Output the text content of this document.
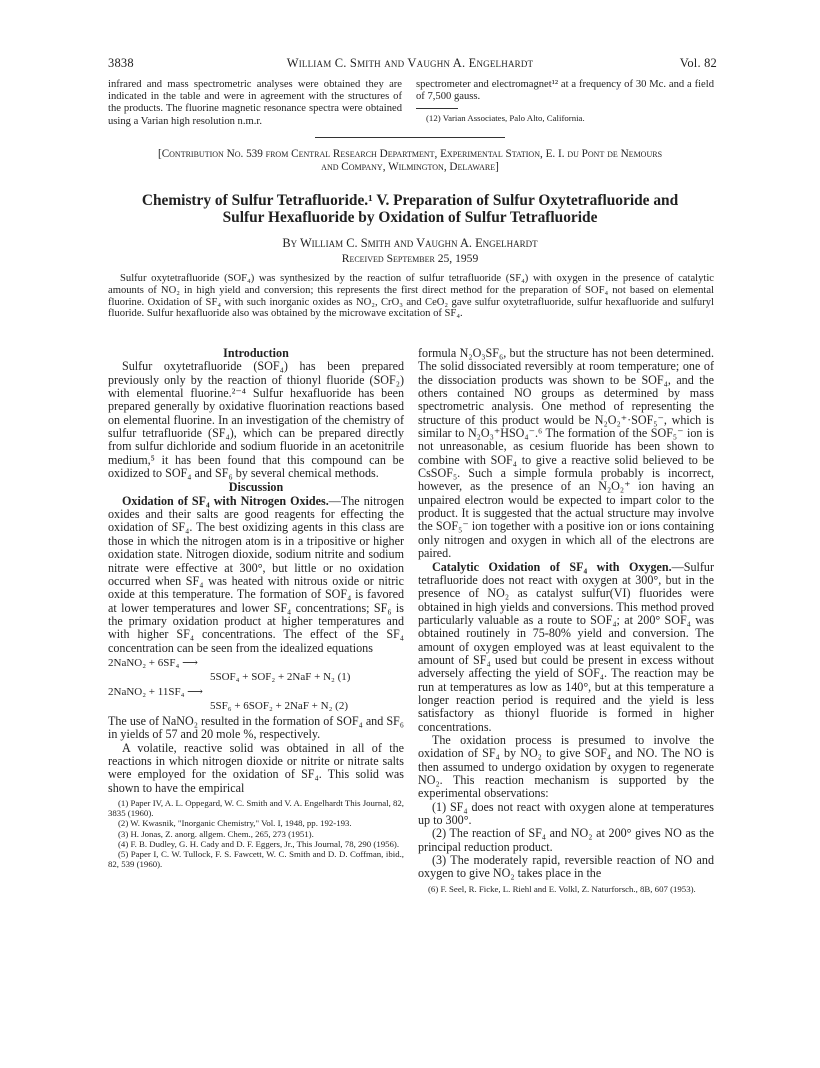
3838	William C. Smith and Vaughn A. Engelhardt	Vol. 82

infrared and mass spectrometric analyses were obtained they are indicated in the table and were in agreement with the structures of the products. The fluorine magnetic resonance spectra were obtained using a Varian high resolution n.m.r.

spectrometer and electromagnet¹² at a frequency of 30 Mc. and a field of 7,500 gauss.

(12) Varian Associates, Palo Alto, California.

[Contribution No. 539 from Central Research Department, Experimental Station, E. I. du Pont de Nemours
and Company, Wilmington, Delaware]
Chemistry of Sulfur Tetrafluoride.¹ V. Preparation of Sulfur Oxytetrafluoride and
Sulfur Hexafluoride by Oxidation of Sulfur Tetrafluoride
By William C. Smith and Vaughn A. Engelhardt
Received September 25, 1959
Sulfur oxytetrafluoride (SOF₄) was synthesized by the reaction of sulfur tetrafluoride (SF₄) with oxygen in the presence of catalytic amounts of NO₂ in high yield and conversion; this represents the first direct method for the preparation of SOF₄ not based on elemental fluorine. Oxidation of SF₄ with such inorganic oxides as NO₂, CrO₃ and CeO₂ gave sulfur oxytetrafluoride, sulfur hexafluoride and sulfuryl fluoride. Sulfur hexafluoride also was obtained by the microwave excitation of SF₄.
Introduction

Sulfur oxytetrafluoride (SOF₄) has been prepared previously only by the reaction of thionyl fluoride (SOF₂) with elemental fluorine.²⁻⁴ Sulfur hexafluoride has been prepared generally by oxidative fluorination reactions based on elemental fluorine. In an investigation of the chemistry of sulfur tetrafluoride (SF₄), which can be prepared directly from sulfur dichloride and sodium fluoride in an acetonitrile medium,⁵ it has been found that this compound can be oxidized to SOF₄ and SF₆ by several chemical methods.

Discussion

Oxidation of SF₄ with Nitrogen Oxides.—The nitrogen oxides and their salts are good reagents for effecting the oxidation of SF₄. The best oxidizing agents in this class are those in which the nitrogen atom is in a tripositive or higher oxidation state. Nitrogen dioxide, sodium nitrite and sodium nitrate were effective at 300°, but little or no oxidation occurred when SF₄ was heated with nitrous oxide or nitric oxide at this temperature. The formation of SOF₄ is favored at lower temperatures and lower SF₄ concentrations; SF₆ is the primary oxidation product at higher temperatures and with higher SF₄ concentrations. The effect of the SF₄ concentration can be seen from the idealized equations

2NaNO₂ + 6SF₄ ⟶
5SOF₄ + SOF₂ + 2NaF + N₂ (1)
2NaNO₂ + 11SF₄ ⟶
5SF₆ + 6SOF₂ + 2NaF + N₂ (2)

The use of NaNO₂ resulted in the formation of SOF₄ and SF₆ in yields of 57 and 20 mole %, respectively.

A volatile, reactive solid was obtained in all of the reactions in which nitrogen dioxide or nitrite or nitrate salts were employed for the oxidation of SF₄. This solid was shown to have the empirical

(1) Paper IV, A. L. Oppegard, W. C. Smith and V. A. Engelhardt This Journal, 82, 3835 (1960).

(2) W. Kwasnik, "Inorganic Chemistry," Vol. I, 1948, pp. 192-193.

(3) H. Jonas, Z. anorg. allgem. Chem., 265, 273 (1951).

(4) F. B. Dudley, G. H. Cady and D. F. Eggers, Jr., This Journal, 78, 290 (1956).

(5) Paper I, C. W. Tullock, F. S. Fawcett, W. C. Smith and D. D. Coffman, ibid., 82, 539 (1960).

formula N₂O₃SF₆, but the structure has not been determined. The solid dissociated reversibly at room temperature; one of the dissociation products was shown to be SOF₄, and the others contained NO groups as determined by mass spectrometric analysis. One method of representing the structure of this product would be N₂O₂⁺·SOF₅⁻, which is similar to N₂O₃⁺HSO₄⁻.⁶ The formation of the SOF₅⁻ ion is not unreasonable, as cesium fluoride has been shown to combine with SOF₄ to give a reactive solid believed to be CsSOF₅. Such a simple formula probably is incorrect, however, as the presence of an N₂O₂⁺ ion having an unpaired electron would be expected to impart color to the product. It is suggested that the actual structure may involve the SOF₅⁻ ion together with a positive ion or ions containing only nitrogen and oxygen in which all of the electrons are paired.

Catalytic Oxidation of SF₄ with Oxygen.—Sulfur tetrafluoride does not react with oxygen at 300°, but in the presence of NO₂ as catalyst sulfur(VI) fluorides were obtained in high yields and conversions. This method proved particularly valuable as a route to SOF₄; at 200° SOF₄ was obtained routinely in 75-80% yield and conversion. The amount of oxygen employed was at least equivalent to the amount of SF₄ used but could be present in excess without adversely affecting the yield of SOF₄. The reaction may be run at temperatures as low as 140°, but at this temperature a longer reaction period is required and the yield is less satisfactory as thionyl fluoride is formed in higher concentrations.

The oxidation process is presumed to involve the oxidation of SF₄ by NO₂ to give SOF₄ and NO. The NO is then assumed to undergo oxidation by oxygen to regenerate NO₂. This reaction mechanism is supported by the experimental observations:

(1) SF₄ does not react with oxygen alone at temperatures up to 300°.

(2) The reaction of SF₄ and NO₂ at 200° gives NO as the principal reduction product.

(3) The moderately rapid, reversible reaction of NO and oxygen to give NO₂ takes place in the

(6) F. Seel, R. Ficke, L. Riehl and E. Volkl, Z. Naturforsch., 8B, 607 (1953).
